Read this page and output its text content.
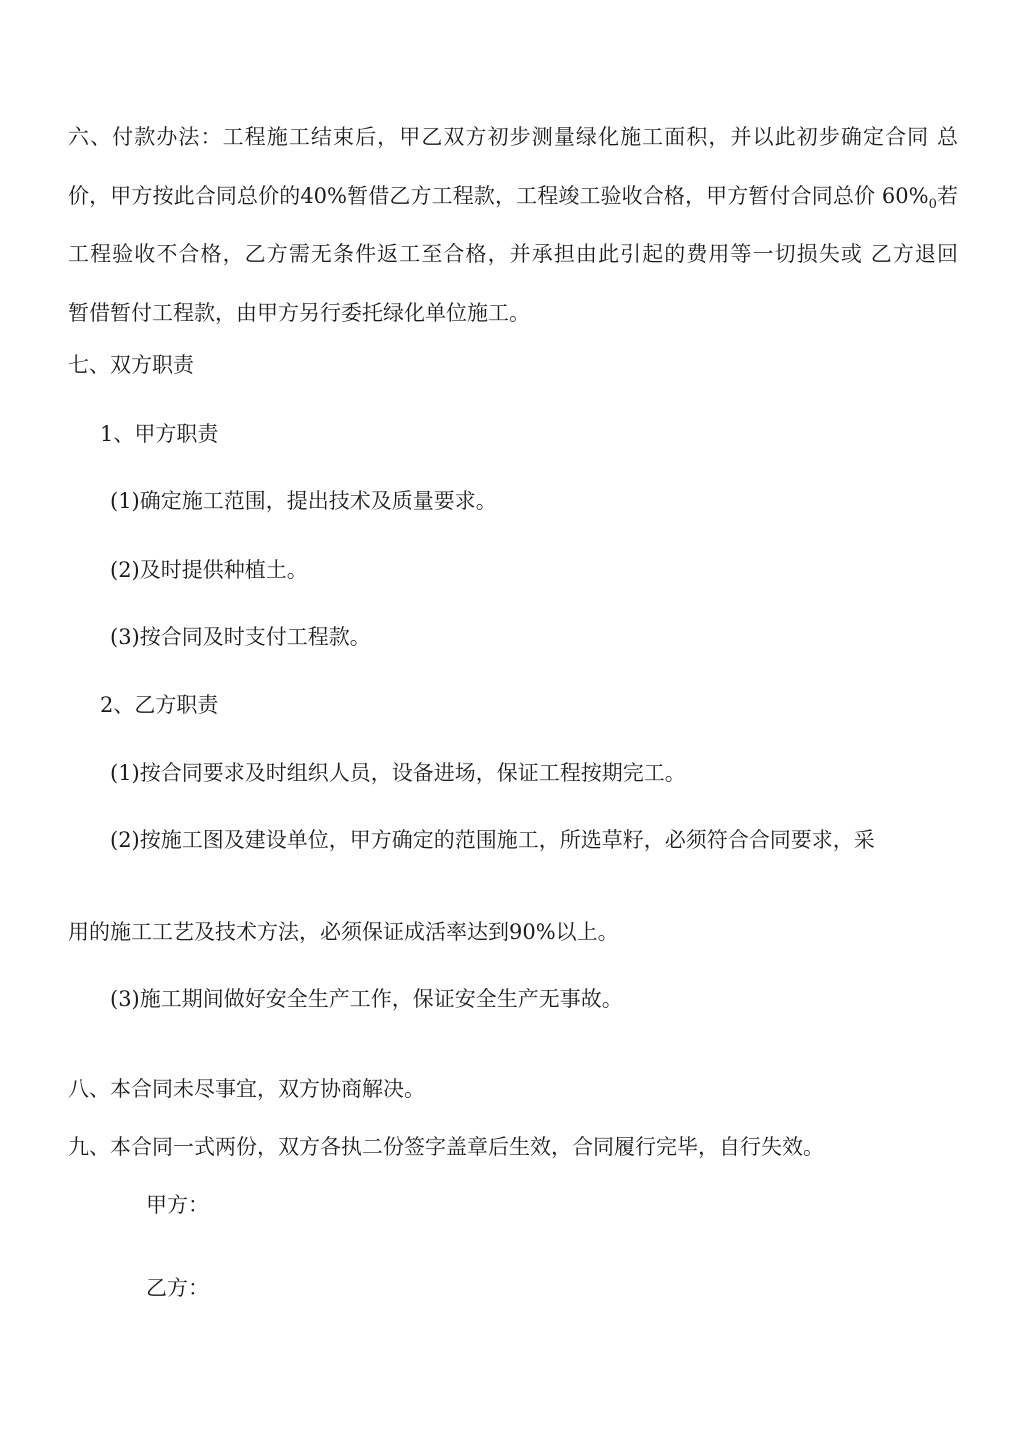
六、付款办法：工程施工结束后，甲乙双方初步测量绿化施工面积，并以此初步确定合同 总
价，甲方按此合同总价的40%暂借乙方工程款，工程竣工验收合格，甲方暂付合同总价 $60\%_0$若
工程验收不合格，乙方需无条件返工至合格，并承担由此引起的费用等一切损失或 乙方退回
暂借暂付工程款，由甲方另行委托绿化单位施工。
七、双方职责
1、甲方职责
(1)确定施工范围，提出技术及质量要求。
(2)及时提供种植土。
(3)按合同及时支付工程款。
2、乙方职责
(1)按合同要求及时组织人员，设备进场，保证工程按期完工。
(2)按施工图及建设单位，甲方确定的范围施工，所选草籽，必须符合合同要求，采
用的施工工艺及技术方法，必须保证成活率达到90%以上。
(3)施工期间做好安全生产工作，保证安全生产无事故。
八、本合同未尽事宜，双方协商解决。
九、本合同一式两份，双方各执二份签字盖章后生效，合同履行完毕，自行失效。
甲方：
乙方：
